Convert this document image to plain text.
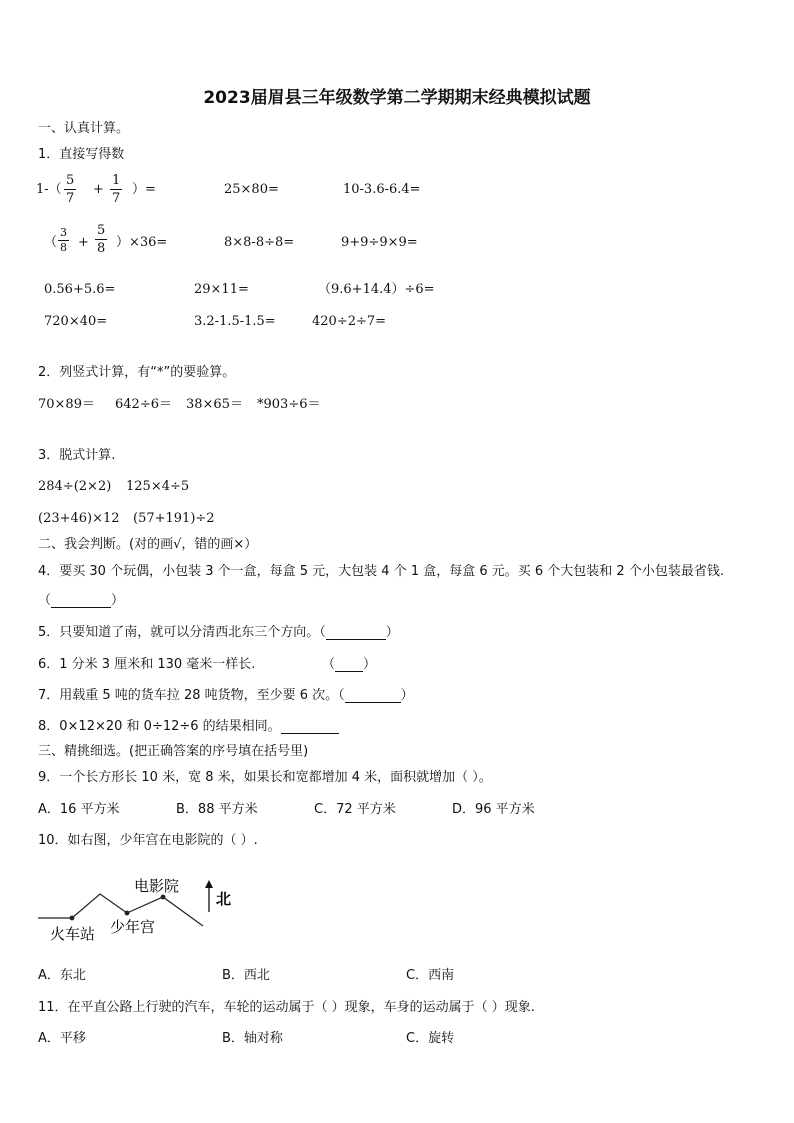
2023届眉县三年级数学第二学期期末经典模拟试题
一、认真计算。
1．直接写得数
$1-( \frac{5}{7} + \frac{1}{7}$ ）=	25×80=	10-3.6-6.4=
（ $\frac{3}{8} + \frac{5}{8} )\times 36=$	8×8-8÷8=	9+9÷9×9=
0.56+5.6=	29×11=	（9.6+14.4）÷6=
720×40=	3.2-1.5-1.5=	420÷2÷7=
2．列竖式计算，有“*”的要验算。
70×89＝ 642÷6＝ 38×65＝ *903÷6＝
3．脱式计算.
284÷(2×2) 125×4÷5
(23+46)×12 (57+191)÷2
二、我会判断。(对的画√，错的画×）
4．要买 30 个玩偶，小包装 3 个一盒，每盒 5 元，大包装 4 个 1 盒，每盒 6 元。买 6 个大包装和 2 个小包装最省钱.
（	）
5．只要知道了南，就可以分清西北东三个方向。（	）
6．1 分米 3 厘米和 130 毫米一样长.	（ ）
7．用载重 5 吨的货车拉 28 吨货物，至少要 6 次。（	）
8．0×12×20 和 0÷12÷6 的结果相同。
三、精挑细选。(把正确答案的序号填在括号里)
9．一个长方形长 10 米，宽 8 米，如果长和宽都增加 4 米，面积就增加（ ）。
A．16 平方米	B．88 平方米	C．72 平方米	D．96 平方米
10．如右图，少年宫在电影院的（ ）.
电影院
火车站 少年宫
北
A．东北	B．西北	C．西南
11．在平直公路上行驶的汽车，车轮的运动属于（ ）现象，车身的运动属于（ ）现象.
A．平移	B．轴对称	C．旋转
